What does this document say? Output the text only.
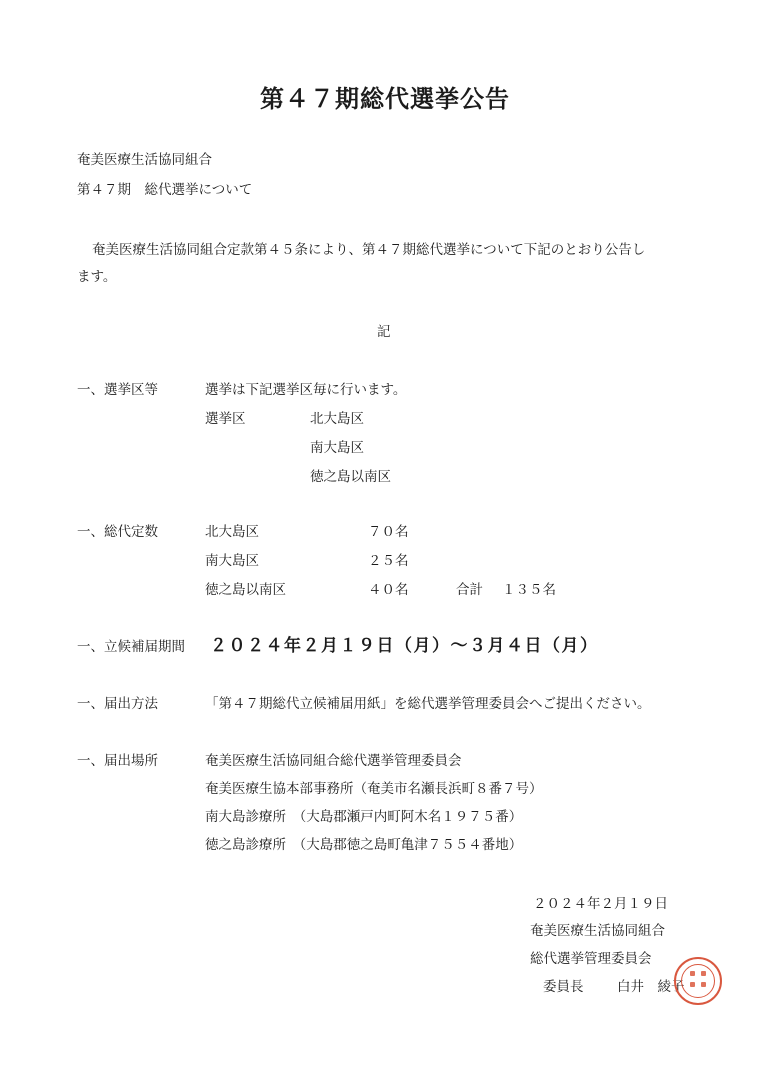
第４７期総代選挙公告
奄美医療生活協同組合
第４７期　総代選挙について
奄美医療生活協同組合定款第４５条により、第４７期総代選挙について下記のとおり公告し
ます。
記
一、選挙区等	選挙は下記選挙区毎に行います。
選挙区	北大島区
南大島区
徳之島以南区
一、総代定数	北大島区	７０名
南大島区	２５名
徳之島以南区	４０名	合計 １３５名
一、立候補届期間 ２０２４年２月１９日（月）～３月４日（月）
一、届出方法	「第４７期総代立候補届用紙」を総代選挙管理委員会へご提出ください。
一、届出場所	奄美医療生活協同組合総代選挙管理委員会
奄美医療生協本部事務所（奄美市名瀬長浜町８番７号）
南大島診療所　（大島郡瀬戸内町阿木名１９７５番）
徳之島診療所　（大島郡徳之島町亀津７５５４番地）
２０２４年２月１９日
奄美医療生活協同組合
総代選挙管理委員会
委員長 白井　綾子
